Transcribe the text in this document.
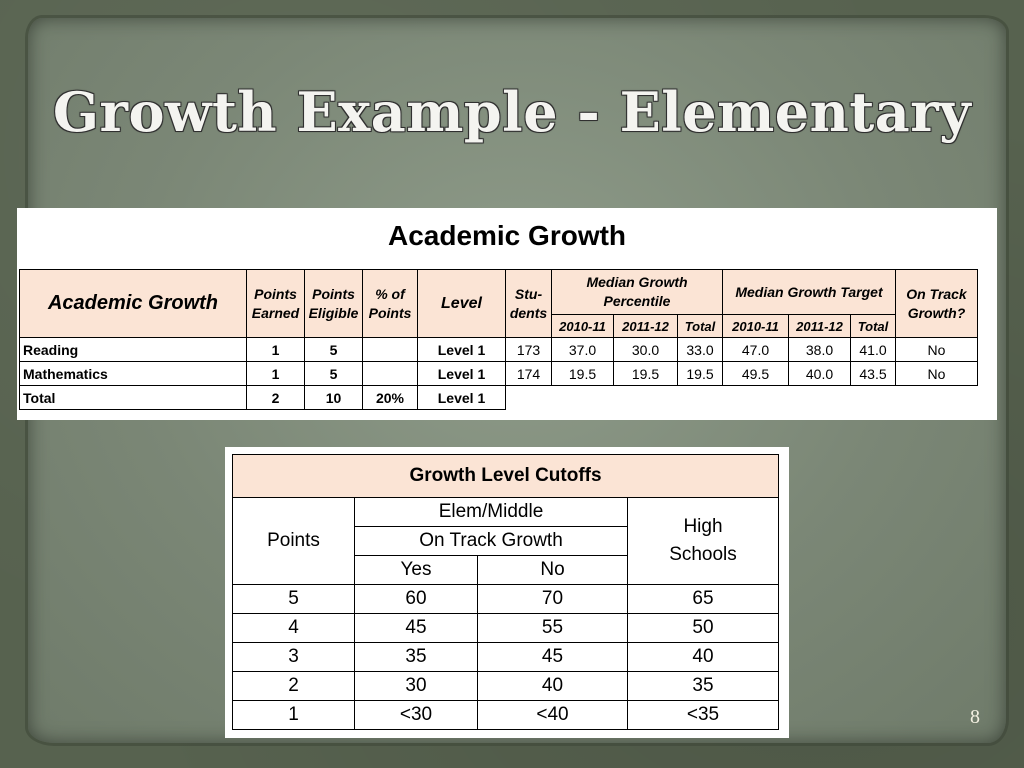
Growth Example - Elementary
Academic Growth
Academic Growth	Points Earned	Points Eligible	% of Points	Level	Stu- dents	Median Growth Percentile			Median Growth Target			On Track Growth?
						2010-11	2011-12	Total	2010-11	2011-12	Total	
Reading	1	5		Level 1	173	37.0	30.0	33.0	47.0	38.0	41.0	No
Mathematics	1	5		Level 1	174	19.5	19.5	19.5	49.5	40.0	43.5	No
Total	2	10	20%	Level 1								
Growth Level Cutoffs			
Points	Elem/Middle		High Schools
	On Track Growth		
	Yes	No	
5	60	70	65
4	45	55	50
3	35	45	40
2	30	40	35
1	<30	<40	<35	8
